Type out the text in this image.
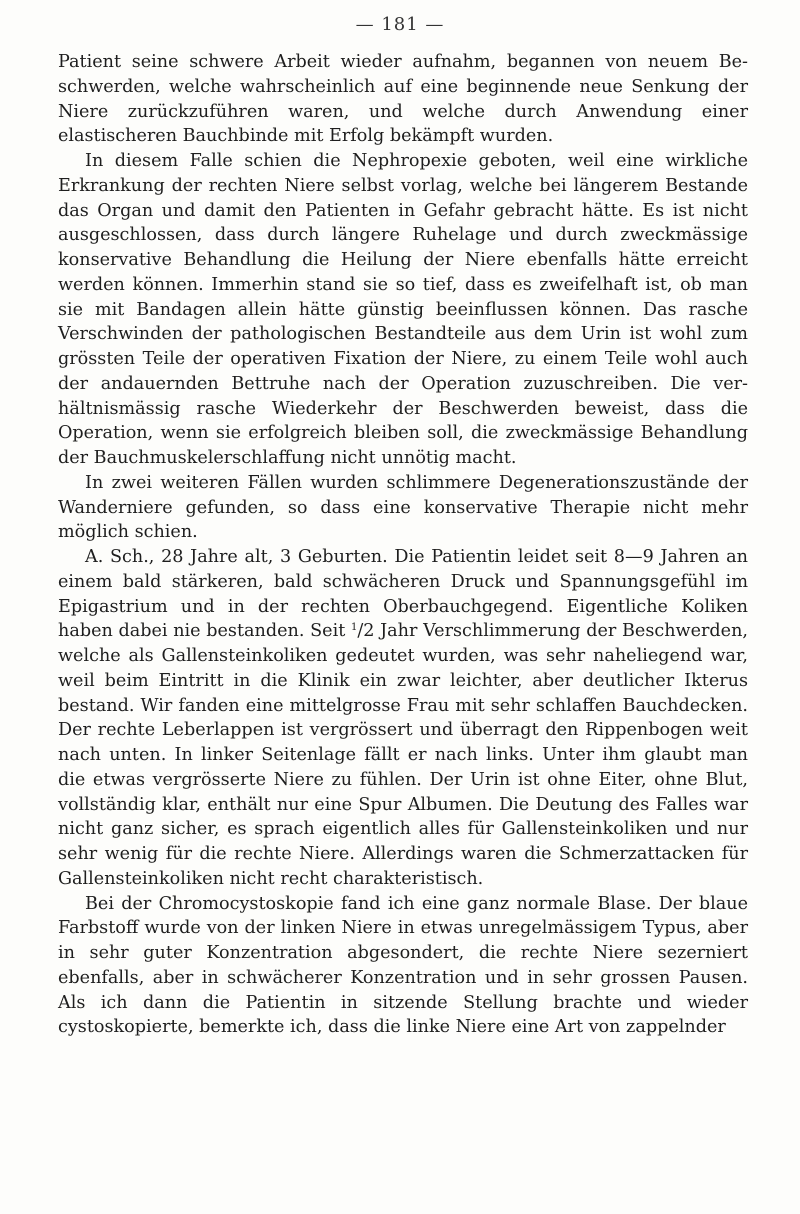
— 181 —

Patient seine schwere Arbeit wieder aufnahm, begannen von neuem Beschwerden, welche wahrscheinlich auf eine beginnende neue Senkung der Niere zurückzuführen waren, und welche durch Anwendung einer elastischeren Bauchbinde mit Erfolg bekämpft wurden.

In diesem Falle schien die Nephropexie geboten, weil eine wirkliche Erkrankung der rechten Niere selbst vorlag, welche bei längerem Bestande das Organ und damit den Patienten in Gefahr gebracht hätte. Es ist nicht ausgeschlossen, dass durch längere Ruhelage und durch zweckmässige konservative Behandlung die Heilung der Niere ebenfalls hätte erreicht werden können. Immerhin stand sie so tief, dass es zweifelhaft ist, ob man sie mit Bandagen allein hätte günstig beeinflussen können. Das rasche Verschwinden der pathologischen Bestandteile aus dem Urin ist wohl zum grössten Teile der operativen Fixation der Niere, zu einem Teile wohl auch der andauernden Bettruhe nach der Operation zuzuschreiben. Die verhältnismässig rasche Wiederkehr der Beschwerden beweist, dass die Operation, wenn sie erfolgreich bleiben soll, die zweckmässige Behandlung der Bauchmuskelerschlaffung nicht unnötig macht.

In zwei weiteren Fällen wurden schlimmere Degenerationszustände der Wanderniere gefunden, so dass eine konservative Therapie nicht mehr möglich schien.

A. Sch., 28 Jahre alt, 3 Geburten. Die Patientin leidet seit 8—9 Jahren an einem bald stärkeren, bald schwächeren Druck und Spannungsgefühl im Epigastrium und in der rechten Oberbauchgegend. Eigentliche Koliken haben dabei nie bestanden. Seit $^1$/2 Jahr Verschlimmerung der Beschwerden, welche als Gallensteinkoliken gedeutet wurden, was sehr naheliegend war, weil beim Eintritt in die Klinik ein zwar leichter, aber deutlicher Ikterus bestand. Wir fanden eine mittelgrosse Frau mit sehr schlaffen Bauchdecken. Der rechte Leberlappen ist vergrössert und überragt den Rippenbogen weit nach unten. In linker Seitenlage fällt er nach links. Unter ihm glaubt man die etwas vergrösserte Niere zu fühlen. Der Urin ist ohne Eiter, ohne Blut, vollständig klar, enthält nur eine Spur Albumen. Die Deutung des Falles war nicht ganz sicher, es sprach eigentlich alles für Gallensteinkoliken und nur sehr wenig für die rechte Niere. Allerdings waren die Schmerzattacken für Gallensteinkoliken nicht recht charakteristisch.

Bei der Chromocystoskopie fand ich eine ganz normale Blase. Der blaue Farbstoff wurde von der linken Niere in etwas unregelmässigem Typus, aber in sehr guter Konzentration abgesondert, die rechte Niere sezerniert ebenfalls, aber in schwächerer Konzentration und in sehr grossen Pausen. Als ich dann die Patientin in sitzende Stellung brachte und wieder cystoskopierte, bemerkte ich, dass die linke Niere eine Art von zappelnder
